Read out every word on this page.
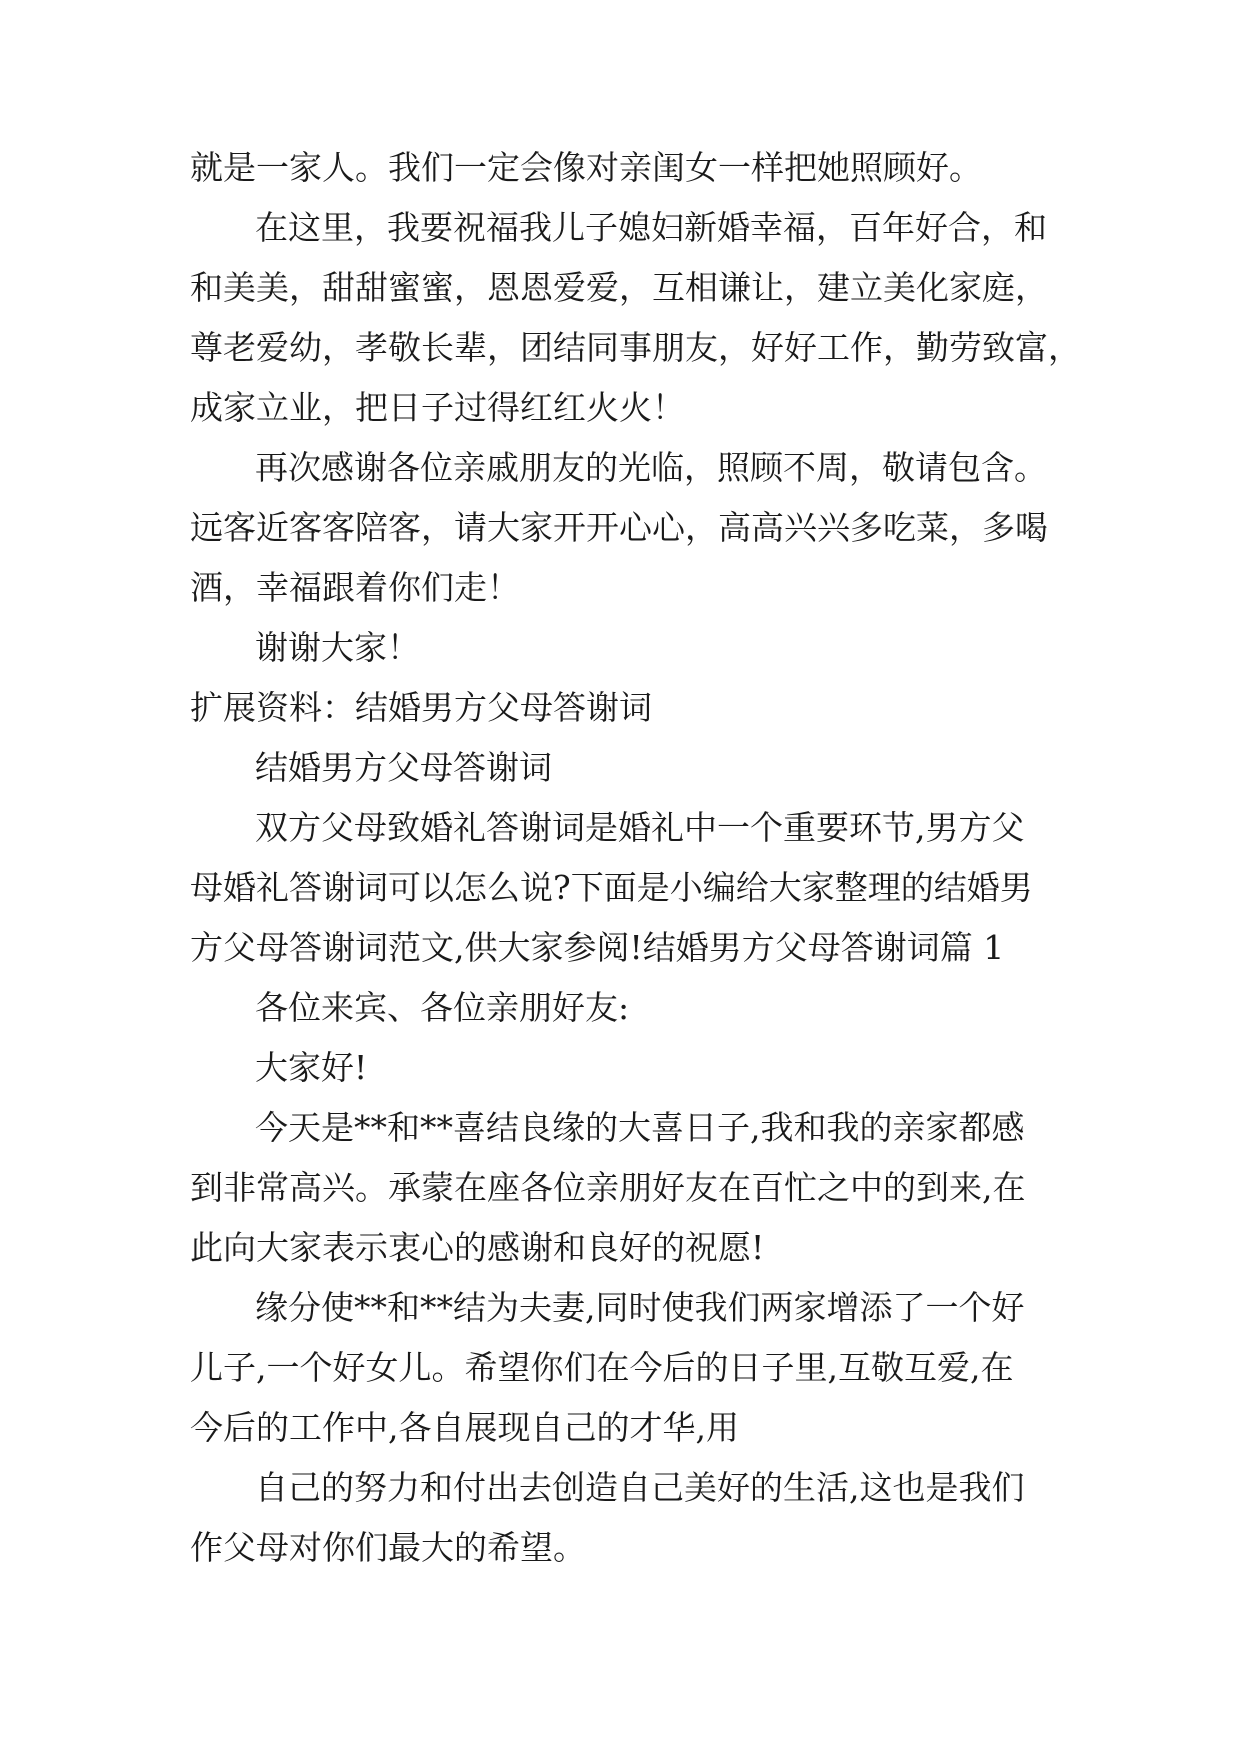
就是一家人。我们一定会像对亲闺女一样把她照顾好。
在这里，我要祝福我儿子媳妇新婚幸福，百年好合，和
和美美，甜甜蜜蜜，恩恩爱爱，互相谦让，建立美化家庭，
尊老爱幼，孝敬长辈，团结同事朋友，好好工作，勤劳致富，
成家立业，把日子过得红红火火！
再次感谢各位亲戚朋友的光临，照顾不周，敬请包含。
远客近客客陪客，请大家开开心心，高高兴兴多吃菜，多喝
酒，幸福跟着你们走！
谢谢大家！
扩展资料：结婚男方父母答谢词
结婚男方父母答谢词
双方父母致婚礼答谢词是婚礼中一个重要环节,男方父
母婚礼答谢词可以怎么说?下面是小编给大家整理的结婚男
方父母答谢词范文,供大家参阅!结婚男方父母答谢词篇 1
各位来宾、各位亲朋好友:
大家好!
今天是**和**喜结良缘的大喜日子,我和我的亲家都感
到非常高兴。承蒙在座各位亲朋好友在百忙之中的到来,在
此向大家表示衷心的感谢和良好的祝愿!
缘分使**和**结为夫妻,同时使我们两家增添了一个好
儿子,一个好女儿。希望你们在今后的日子里,互敬互爱,在
今后的工作中,各自展现自己的才华,用
自己的努力和付出去创造自己美好的生活,这也是我们
作父母对你们最大的希望。
